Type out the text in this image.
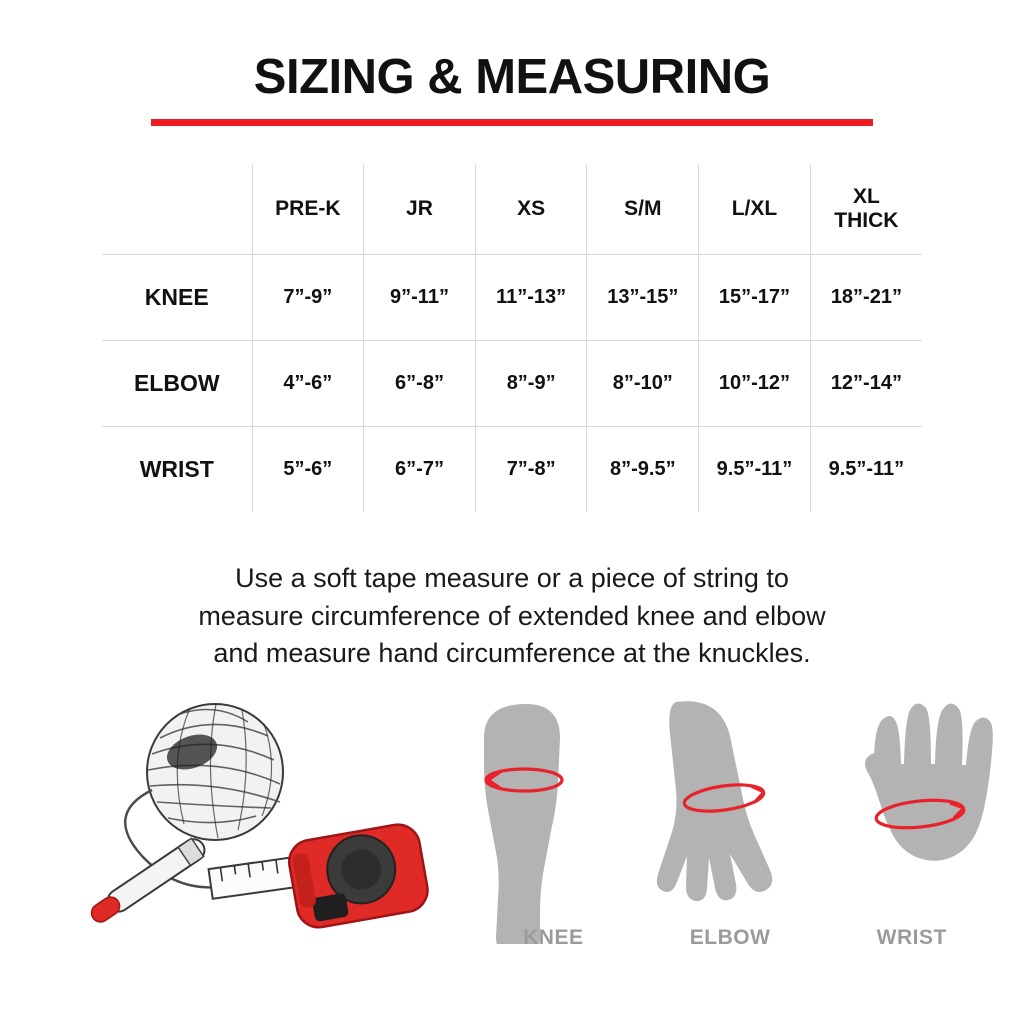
SIZING & MEASURING
	PRE-K	JR	XS	S/M	L/XL	XL
THICK

KNEE	7”-9”	9”-11”	11”-13”	13”-15”	15”-17”	18”-21”
ELBOW	4”-6”	6”-8”	8”-9”	8”-10”	10”-12”	12”-14”
WRIST	5”-6”	6”-7”	7”-8”	8”-9.5”	9.5”-11”	9.5”-11”
Use a soft tape measure or a piece of string to
measure circumference of extended knee and elbow
and measure hand circumference at the knuckles.
KNEE	ELBOW	WRIST
